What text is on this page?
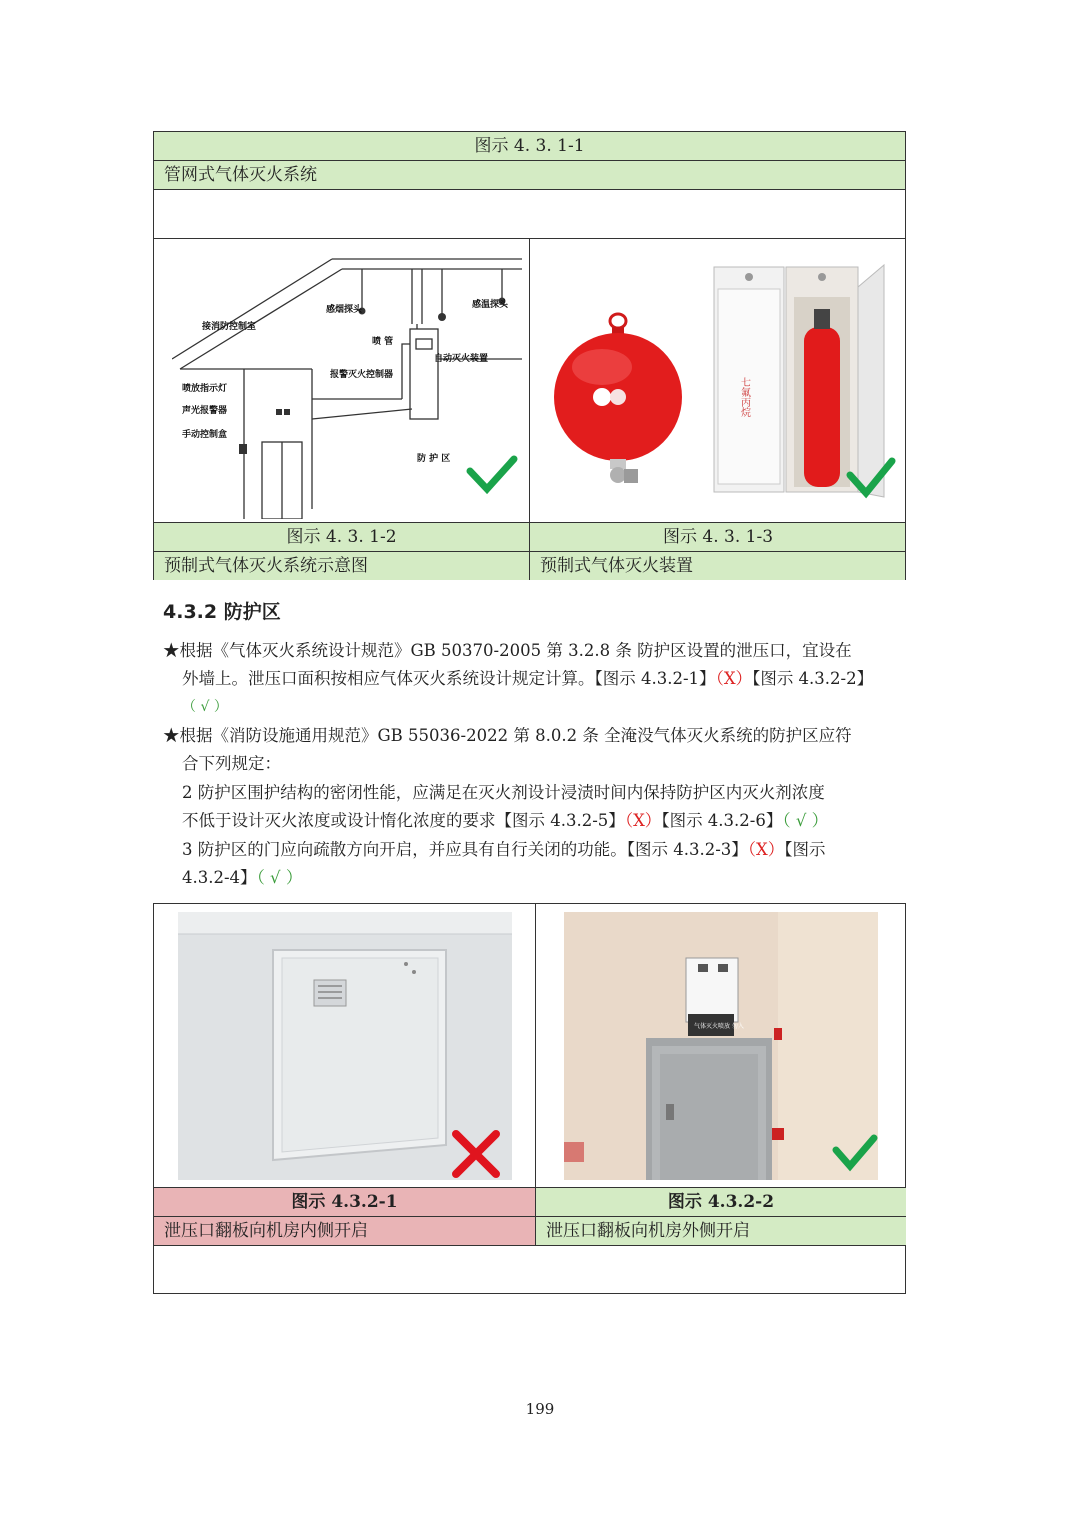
图示 4. 3. 1-1
管网式气体灭火系统
接消防控制室
感烟探头
喷 管
感温探头
报警灭火控制器
自动灭火装置
喷放指示灯
声光报警器
手动控制盒
防 护 区
七氟丙烷
图示 4. 3. 1-2	图示 4. 3. 1-3
预制式气体灭火系统示意图	预制式气体灭火装置
4.3.2 防护区
★根据《气体灭火系统设计规范》GB 50370-2005 第 3.2.8 条 防护区设置的泄压口，宜设在
外墙上。泄压口面积按相应气体灭火系统设计规定计算。【图示 4.3.2-1】（X）【图示 4.3.2-2】
（ √ ）
★根据《消防设施通用规范》GB 55036-2022 第 8.0.2 条 全淹没气体灭火系统的防护区应符
合下列规定：
2 防护区围护结构的密闭性能，应满足在灭火剂设计浸渍时间内保持防护区内灭火剂浓度
不低于设计灭火浓度或设计惰化浓度的要求【图示 4.3.2-5】（X）【图示 4.3.2-6】（ √ ）
3 防护区的门应向疏散方向开启，并应具有自行关闭的功能。【图示 4.3.2-3】（X）【图示
4.3.2-4】（ √ ）
气体灭火喷放 勿入
图示 4.3.2-1	图示 4.3.2-2
泄压口翻板向机房内侧开启	泄压口翻板向机房外侧开启
199
